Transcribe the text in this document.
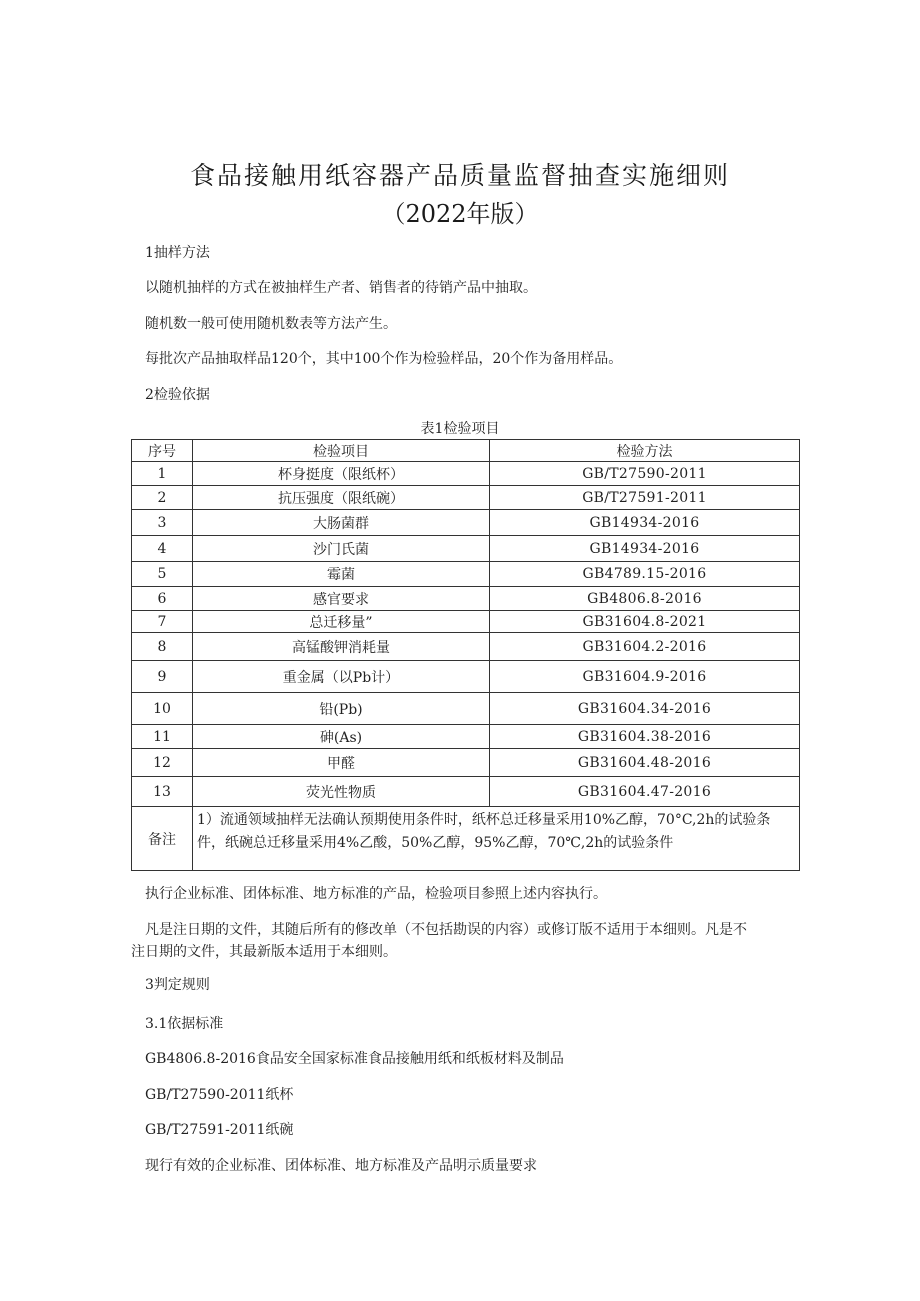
食品接触用纸容器产品质量监督抽查实施细则
（2022年版）
1抽样方法
以随机抽样的方式在被抽样生产者、销售者的待销产品中抽取。
随机数一般可使用随机数表等方法产生。
每批次产品抽取样品120个，其中100个作为检验样品，20个作为备用样品。
2检验依据
表1检验项目
序号	检验项目	检验方法
1	杯身挺度（限纸杯）	GB/T27590-2011
2	抗压强度（限纸碗）	GB/T27591-2011
3	大肠菌群	GB14934-2016
4	沙门氏菌	GB14934-2016
5	霉菌	GB4789.15-2016
6	感官要求	GB4806.8-2016
7	总迁移量”	GB31604.8-2021
8	高锰酸钾消耗量	GB31604.2-2016
9	重金属（以Pb计）	GB31604.9-2016
10	铅(Pb)	GB31604.34-2016
11	砷(As)	GB31604.38-2016
12	甲醛	GB31604.48-2016
13	荧光性物质	GB31604.47-2016
备注	1）流通领域抽样无法确认预期使用条件时，纸杯总迁移量采用10%乙醇，70°C,2h的试验条件，纸碗总迁移量采用4%乙酸，50%乙醇，95%乙醇，70℃,2h的试验条件	
执行企业标准、团体标准、地方标准的产品，检验项目参照上述内容执行。
凡是注日期的文件，其随后所有的修改单（不包括勘误的内容）或修订版不适用于本细则。凡是不
注日期的文件，其最新版本适用于本细则。
3判定规则
3.1依据标准
GB4806.8-2016食品安全国家标准食品接触用纸和纸板材料及制品
GB/T27590-2011纸杯
GB/T27591-2011纸碗
现行有效的企业标准、团体标准、地方标准及产品明示质量要求
